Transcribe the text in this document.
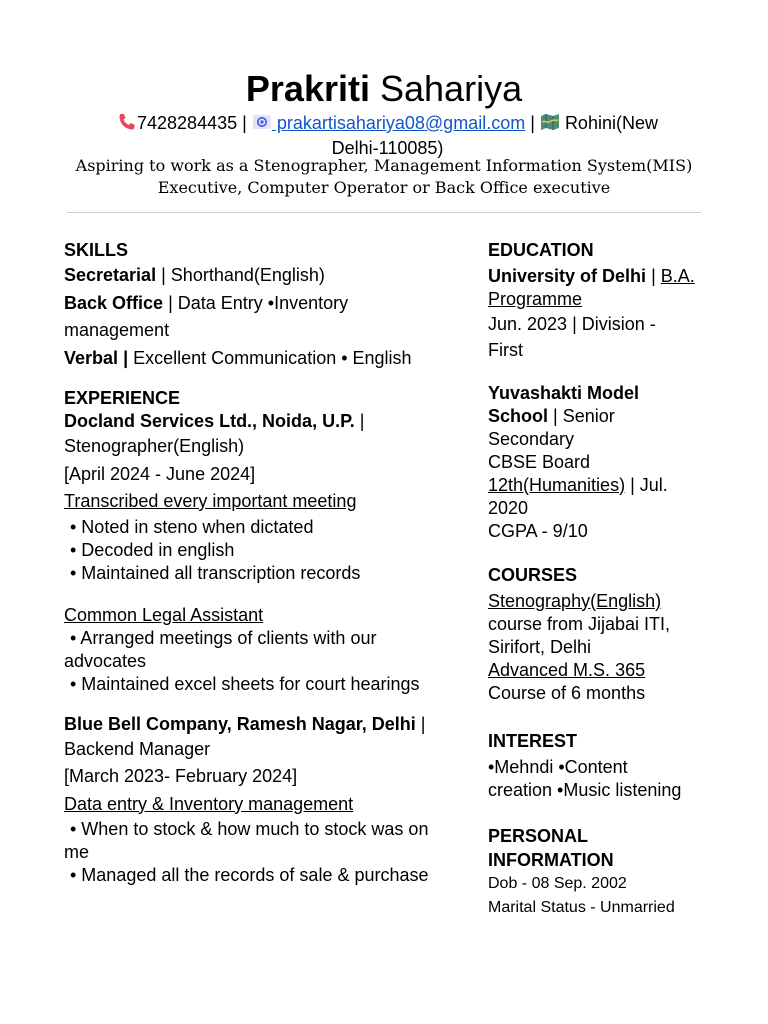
Prakriti Sahariya
7428284435 |  prakartisahariya08@gmail.com | Rohini(New Delhi-110085)
Aspiring to work as a Stenographer, Management Information System(MIS)
Executive, Computer Operator or Back Office executive
SKILLS
Secretarial | Shorthand(English)
Back Office | Data Entry •Inventory
management
Verbal | Excellent Communication • English
EXPERIENCE
Docland Services Ltd., Noida, U.P. |
Stenographer(English)
[April 2024 - June 2024]
Transcribed every important meeting
• Noted in steno when dictated
• Decoded in english
• Maintained all transcription records
Common Legal Assistant
• Arranged meetings of clients with our
advocates
• Maintained excel sheets for court hearings
Blue Bell Company, Ramesh Nagar, Delhi |
Backend Manager
[March 2023- February 2024]
Data entry & Inventory management
• When to stock & how much to stock was on
me
• Managed all the records of sale & purchase
EDUCATION
University of Delhi | B.A.
Programme
Jun. 2023 | Division -
First
Yuvashakti Model
School | Senior
Secondary
CBSE Board
12th(Humanities) | Jul.
2020
CGPA - 9/10
COURSES
Stenography(English)
course from Jijabai ITI,
Sirifort, Delhi
Advanced M.S. 365
Course of 6 months
INTEREST
•Mehndi •Content
creation •Music listening
PERSONAL
INFORMATION
Dob - 08 Sep. 2002
Marital Status - Unmarried
